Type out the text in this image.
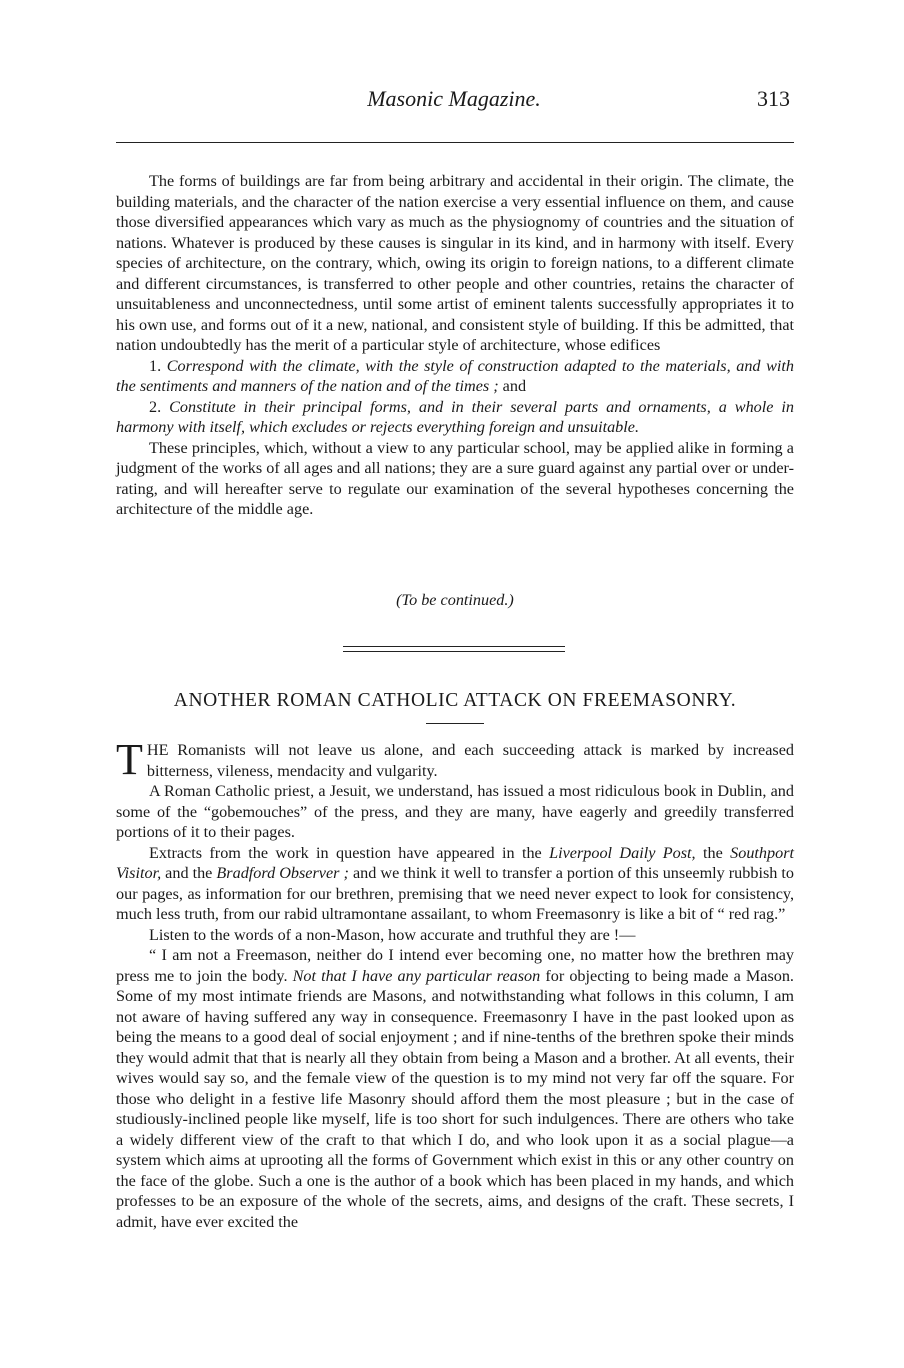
Masonic Magazine.	313

The forms of buildings are far from being arbitrary and accidental in their origin. The climate, the building materials, and the character of the nation exercise a very essential influence on them, and cause those diversified appearances which vary as much as the physiognomy of countries and the situation of nations. Whatever is produced by these causes is singular in its kind, and in harmony with itself. Every species of architecture, on the contrary, which, owing its origin to foreign nations, to a different climate and different circumstances, is transferred to other people and other countries, retains the character of unsuitableness and unconnectedness, until some artist of eminent talents successfully appropriates it to his own use, and forms out of it a new, national, and consistent style of building. If this be admitted, that nation undoubtedly has the merit of a particular style of architecture, whose edifices

1. Correspond with the climate, with the style of construction adapted to the materials, and with the sentiments and manners of the nation and of the times ; and

2. Constitute in their principal forms, and in their several parts and ornaments, a whole in harmony with itself, which excludes or rejects everything foreign and unsuitable.

These principles, which, without a view to any particular school, may be applied alike in forming a judgment of the works of all ages and all nations; they are a sure guard against any partial over or under-rating, and will hereafter serve to regulate our examination of the several hypotheses concerning the architecture of the middle age.

(To be continued.)
ANOTHER ROMAN CATHOLIC ATTACK ON FREEMASONRY.

THE Romanists will not leave us alone, and each succeeding attack is marked by increased bitterness, vileness, mendacity and vulgarity.

A Roman Catholic priest, a Jesuit, we understand, has issued a most ridiculous book in Dublin, and some of the “gobemouches” of the press, and they are many, have eagerly and greedily transferred portions of it to their pages.

Extracts from the work in question have appeared in the Liverpool Daily Post, the Southport Visitor, and the Bradford Observer ; and we think it well to transfer a portion of this unseemly rubbish to our pages, as information for our brethren, premising that we need never expect to look for consistency, much less truth, from our rabid ultramontane assailant, to whom Freemasonry is like a bit of “ red rag.”

Listen to the words of a non-Mason, how accurate and truthful they are !—

“ I am not a Freemason, neither do I intend ever becoming one, no matter how the brethren may press me to join the body. Not that I have any particular reason for objecting to being made a Mason. Some of my most intimate friends are Masons, and notwithstanding what follows in this column, I am not aware of having suffered any way in consequence. Freemasonry I have in the past looked upon as being the means to a good deal of social enjoyment ; and if nine-tenths of the brethren spoke their minds they would admit that that is nearly all they obtain from being a Mason and a brother. At all events, their wives would say so, and the female view of the question is to my mind not very far off the square. For those who delight in a festive life Masonry should afford them the most pleasure ; but in the case of studiously-inclined people like myself, life is too short for such indulgences. There are others who take a widely different view of the craft to that which I do, and who look upon it as a social plague—a system which aims at uprooting all the forms of Government which exist in this or any other country on the face of the globe. Such a one is the author of a book which has been placed in my hands, and which professes to be an exposure of the whole of the secrets, aims, and designs of the craft. These secrets, I admit, have ever excited the
